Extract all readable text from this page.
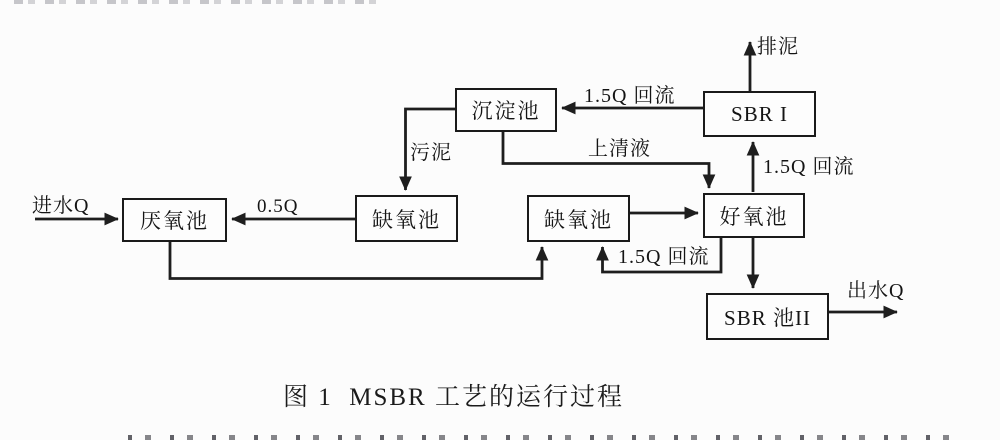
厌氧池	缺氧池
沉淀池	SBR I
缺氧池	好氧池
SBR 池II
进水Q	0.5Q
污泥
1.5Q 回流
上清液
排泥
1.5Q 回流
1.5Q 回流
出水Q
图 1  MSBR 工艺的运行过程
